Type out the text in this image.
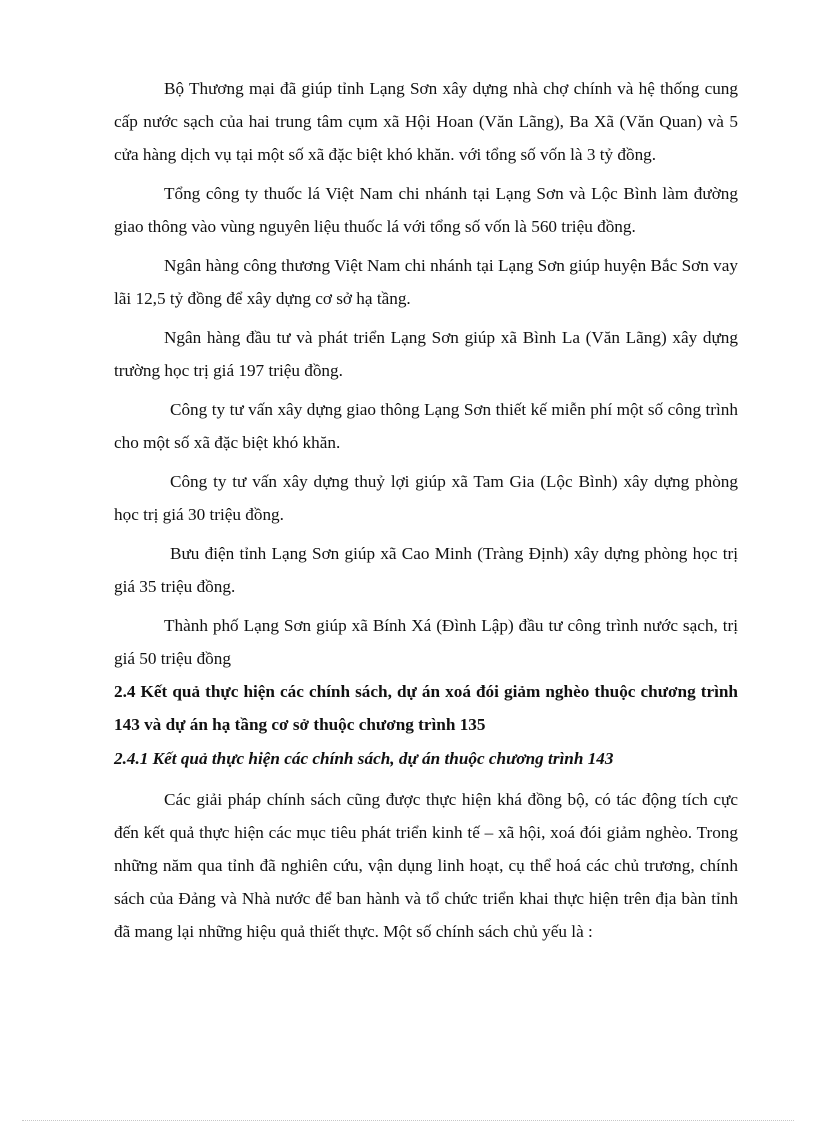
Bộ Thương mại đã giúp tỉnh Lạng Sơn xây dựng nhà chợ chính và hệ thống cung cấp nước sạch của hai trung tâm cụm xã Hội Hoan (Văn Lãng), Ba Xã (Văn Quan) và 5 cửa hàng dịch vụ tại một số xã đặc biệt khó khăn. với tổng số vốn là 3 tỷ đồng.

Tổng công ty thuốc lá Việt Nam chi nhánh tại Lạng Sơn và Lộc Bình làm đường giao thông vào vùng nguyên liệu thuốc lá với tổng số vốn là 560 triệu đồng.

Ngân hàng công thương Việt Nam chi nhánh tại Lạng Sơn giúp huyện Bắc Sơn vay lãi 12,5 tỷ đồng để xây dựng cơ sở hạ tầng.

Ngân hàng đầu tư và phát triển Lạng Sơn giúp xã Bình La (Văn Lãng) xây dựng trường học trị giá 197 triệu đồng.

Công ty tư vấn xây dựng giao thông Lạng Sơn thiết kế miễn phí một số công trình cho một số xã đặc biệt khó khăn.

Công ty tư vấn xây dựng thuỷ lợi giúp xã Tam Gia (Lộc Bình) xây dựng phòng học trị giá 30 triệu đồng.

Bưu điện tỉnh Lạng Sơn giúp xã Cao Minh (Tràng Định) xây dựng phòng học trị giá 35 triệu đồng.

Thành phố Lạng Sơn giúp xã Bính Xá (Đình Lập) đầu tư công trình nước sạch, trị giá 50 triệu đồng

2.4 Kết quả thực hiện các chính sách, dự án xoá đói giảm nghèo thuộc chương trình 143 và dự án hạ tầng cơ sở thuộc chương trình 135

2.4.1 Kết quả thực hiện các chính sách, dự án thuộc chương trình 143

Các giải pháp chính sách cũng được thực hiện khá đồng bộ, có tác động tích cực đến kết quả thực hiện các mục tiêu phát triển kinh tế – xã hội, xoá đói giảm nghèo. Trong những năm qua tỉnh đã nghiên cứu, vận dụng linh hoạt, cụ thể hoá các chủ trương, chính sách của Đảng và Nhà nước để ban hành và tổ chức triển khai thực hiện trên địa bàn tỉnh đã mang lại những hiệu quả thiết thực. Một số chính sách chủ yếu là :
